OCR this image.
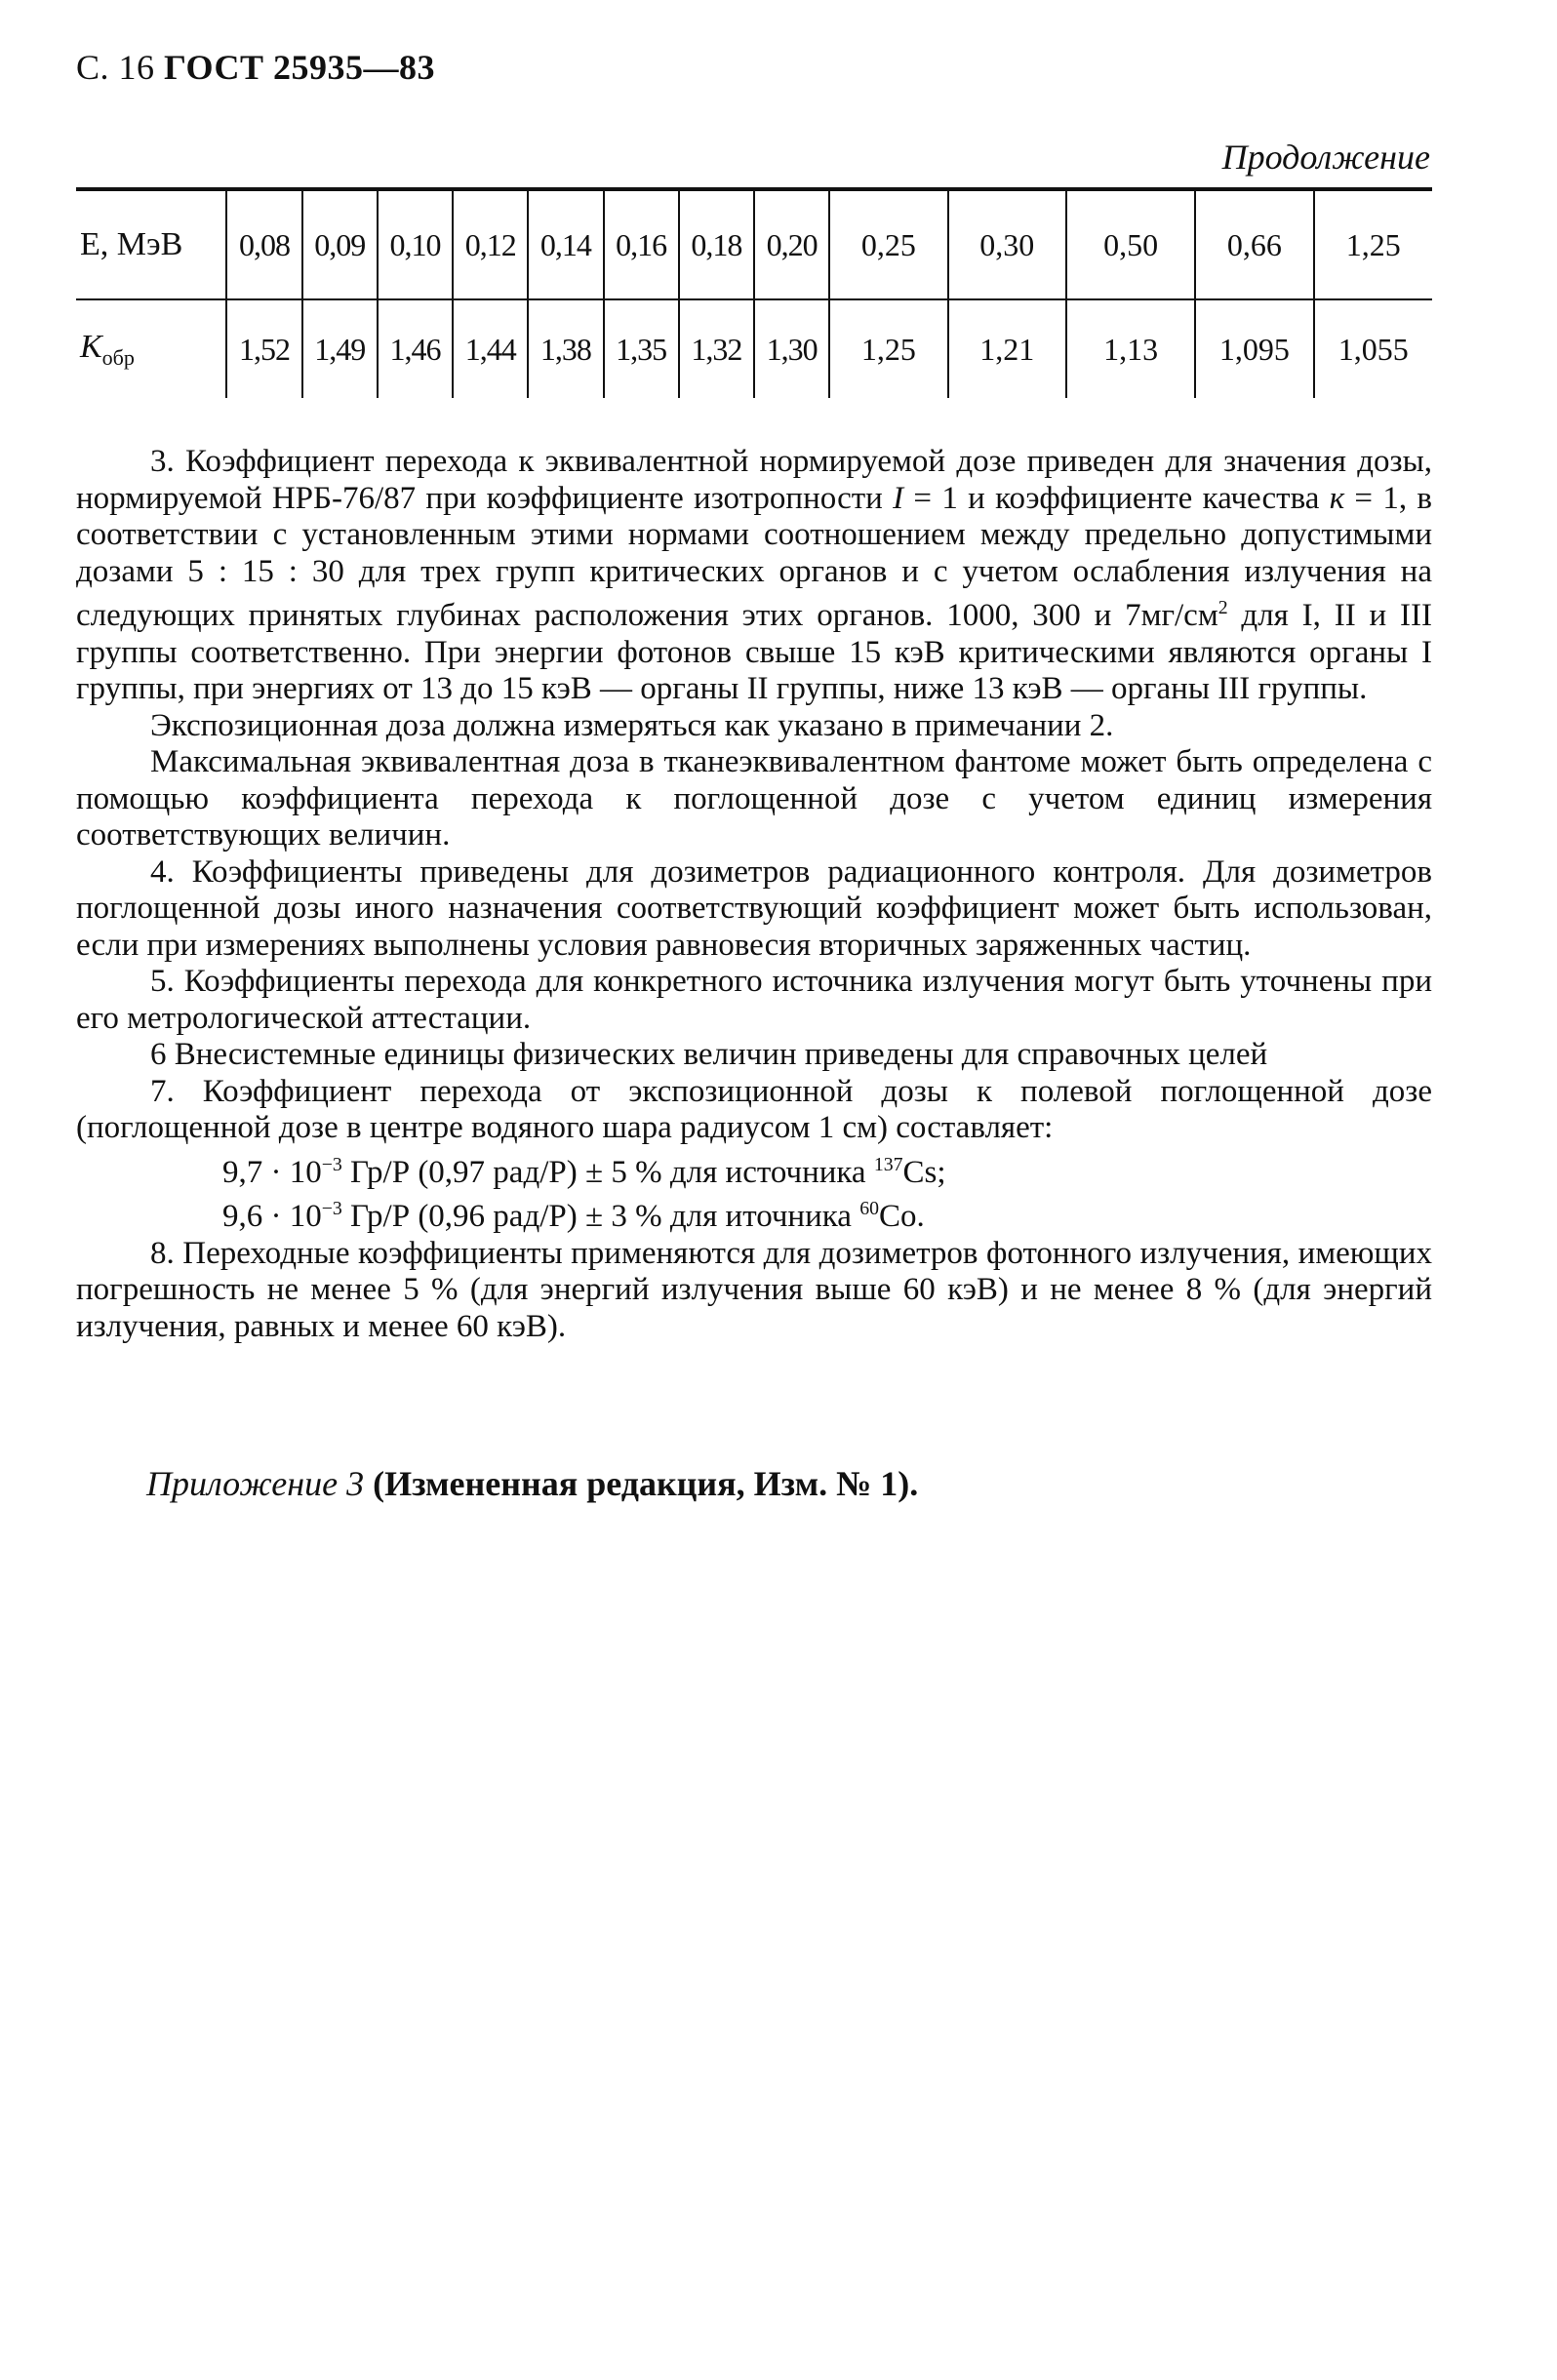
С. 16 ГОСТ 25935—83
Продолжение
Е, МэВ	0,08	0,09	0,10	0,12	0,14	0,16	0,18	0,20	0,25	0,30	0,50	0,66	1,25
$К_{обр}$	1,52	1,49	1,46	1,44	1,38	1,35	1,32	1,30	1,25	1,21	1,13	1,095	1,055

3. Коэффициент перехода к эквивалентной нормируемой дозе приведен для значения дозы, нормируемой НРБ-76/87 при коэффициенте изотропности I = 1 и коэффициенте качества к = 1, в соответствии с установленным этими нормами соотношением между предельно допустимыми дозами 5 : 15 : 30 для трех групп критических органов и с учетом ослабления излучения на следующих принятых глубинах расположения этих органов. 1000, 300 и $7мг/см^2$ для I, II и III группы соответственно. При энергии фотонов свыше 15 кэВ критическими являются органы I группы, при энергиях от 13 до 15 кэВ — органы II группы, ниже 13 кэВ — органы III группы.

Экспозиционная доза должна измеряться как указано в примечании 2.

Максимальная эквивалентная доза в тканеэквивалентном фантоме может быть определена с помощью коэффициента перехода к поглощенной дозе с учетом единиц измерения соответствующих величин.

4. Коэффициенты приведены для дозиметров радиационного контроля. Для дозиметров поглощенной дозы иного назначения соответствующий коэффициент может быть использован, если при измерениях выполнены условия равновесия вторичных заряженных частиц.

5. Коэффициенты перехода для конкретного источника излучения могут быть уточнены при его метрологической аттестации.

6 Внесистемные единицы физических величин приведены для справочных целей

7. Коэффициент перехода от экспозиционной дозы к полевой поглощенной дозе (поглощенной дозе в центре водяного шара радиусом 1 см) составляет:

$9,7 \cdot 10^{-3}$ Гр/Р (0,97 рад/Р) ± 5 % для источника $^{137}$Cs;

$9,6 \cdot 10^{-3}$ Гр/Р (0,96 рад/Р) ± 3 % для иточника $^{60}$Co.

8. Переходные коэффициенты применяются для дозиметров фотонного излучения, имеющих погрешность не менее 5 % (для энергий излучения выше 60 кэВ) и не менее 8 % (для энергий излучения, равных и менее 60 кэВ).

Приложение 3 (Измененная редакция, Изм. № 1).
